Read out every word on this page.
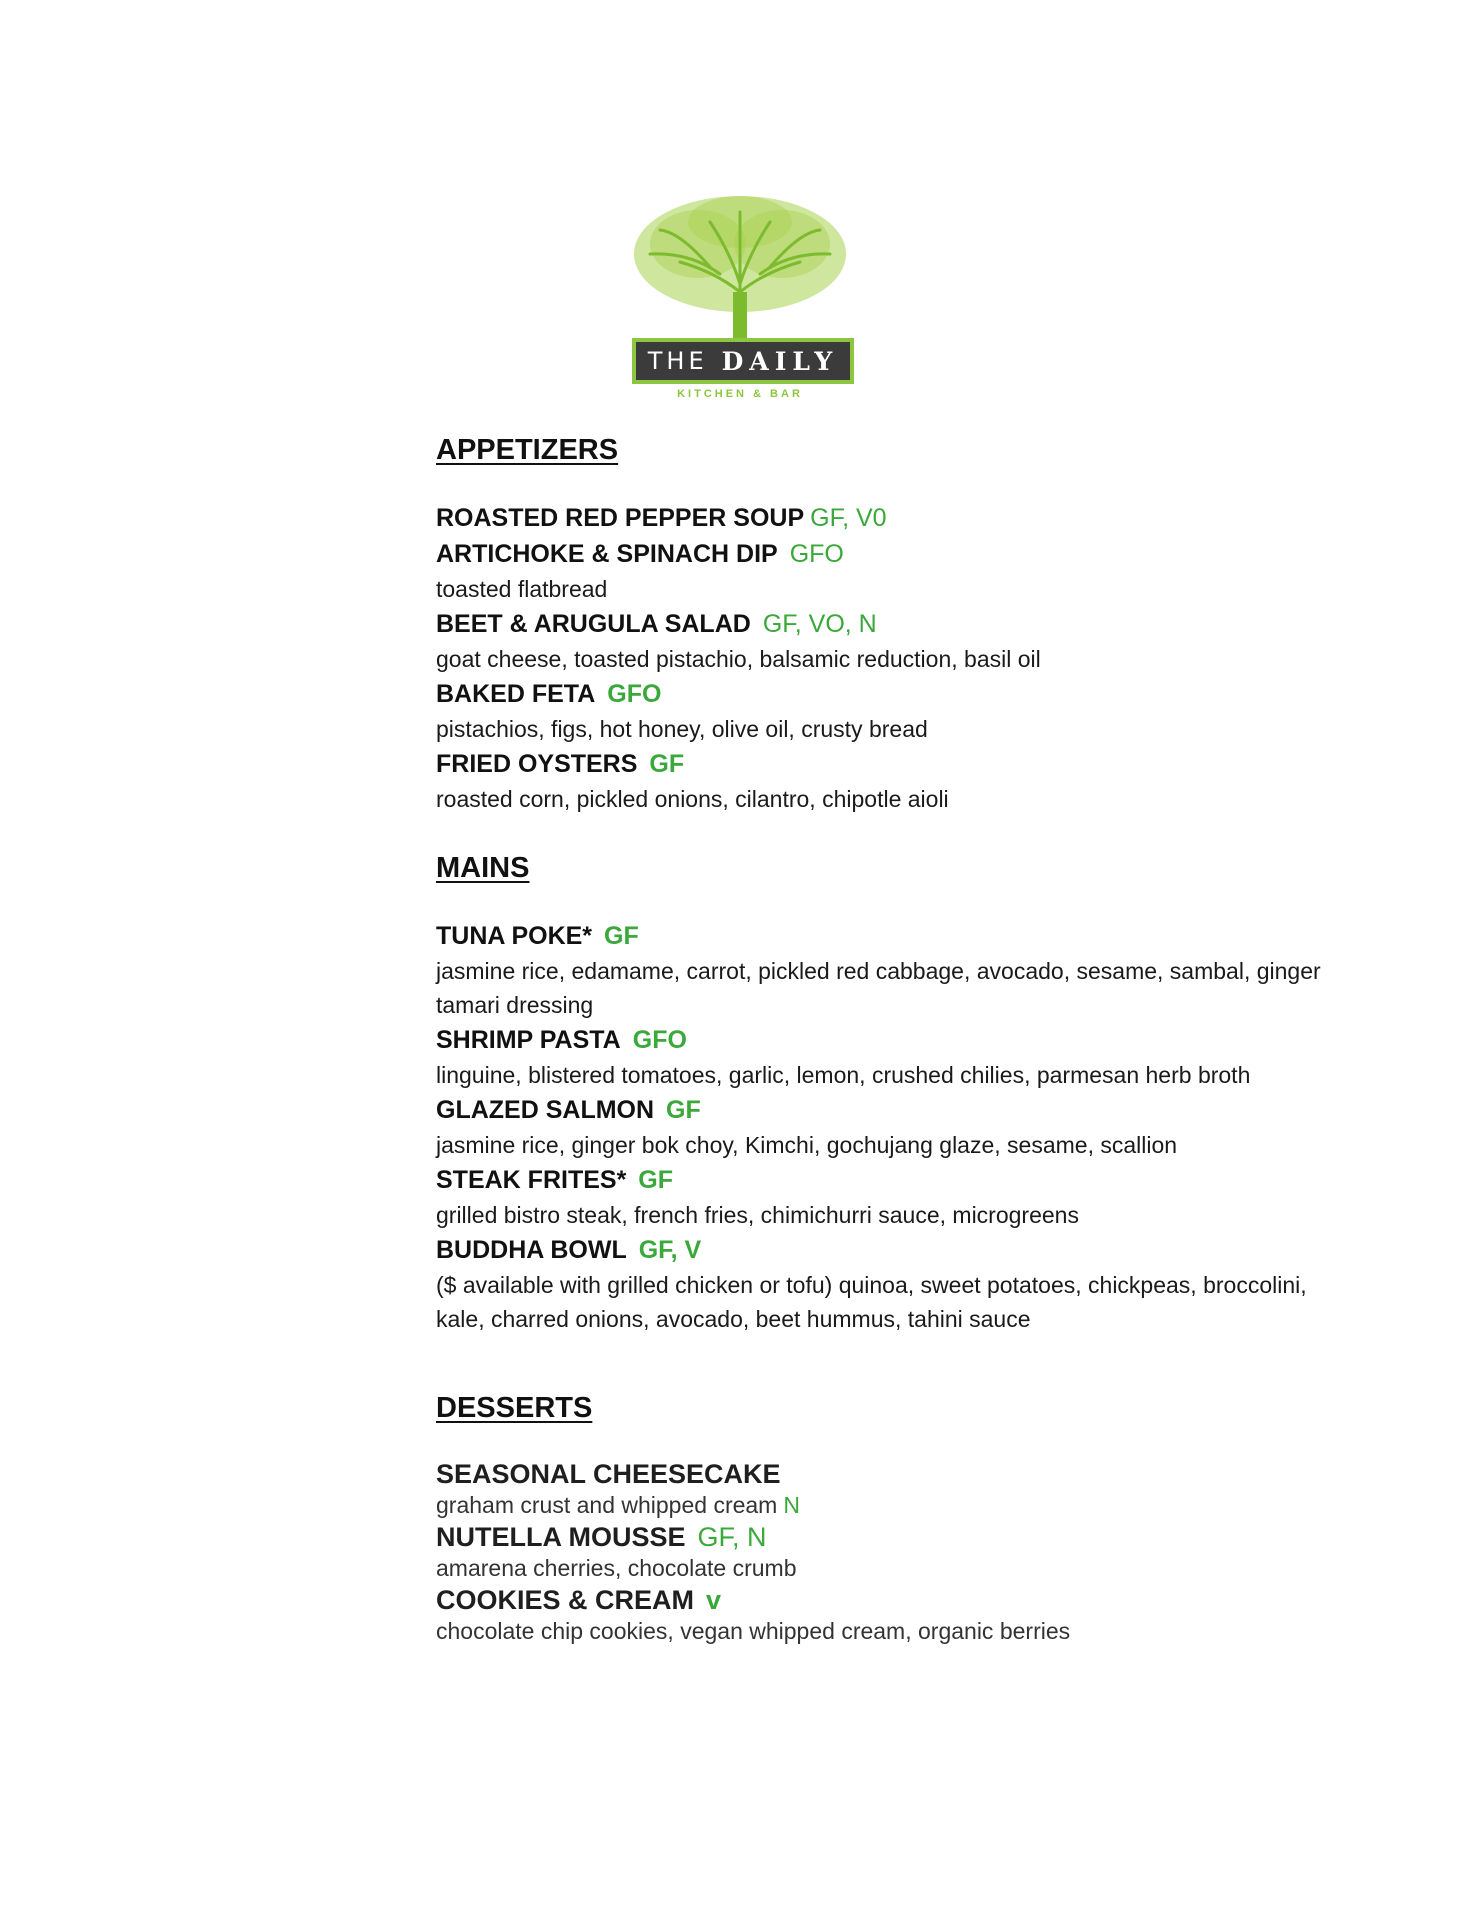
THE DAILY
KITCHEN & BAR
APPETIZERS
ROASTED RED PEPPER SOUP GF, V0
ARTICHOKE & SPINACH DIP GFO
toasted flatbread
BEET & ARUGULA SALAD GF, VO, N
goat cheese, toasted pistachio, balsamic reduction, basil oil
BAKED FETA GFO
pistachios, figs, hot honey, olive oil, crusty bread
FRIED OYSTERS GF
roasted corn, pickled onions, cilantro, chipotle aioli
MAINS
TUNA POKE* GF
jasmine rice, edamame, carrot, pickled red cabbage, avocado, sesame, sambal, ginger tamari dressing
SHRIMP PASTA GFO
linguine, blistered tomatoes, garlic, lemon, crushed chilies, parmesan herb broth
GLAZED SALMON GF
jasmine rice, ginger bok choy, Kimchi, gochujang glaze, sesame, scallion
STEAK FRITES* GF
grilled bistro steak, french fries, chimichurri sauce, microgreens
BUDDHA BOWL GF, V
($ available with grilled chicken or tofu) quinoa, sweet potatoes, chickpeas, broccolini, kale, charred onions, avocado, beet hummus, tahini sauce
DESSERTS
SEASONAL CHEESECAKE
graham crust and whipped cream N
NUTELLA MOUSSE GF, N
amarena cherries, chocolate crumb
COOKIES & CREAM v
chocolate chip cookies, vegan whipped cream, organic berries
